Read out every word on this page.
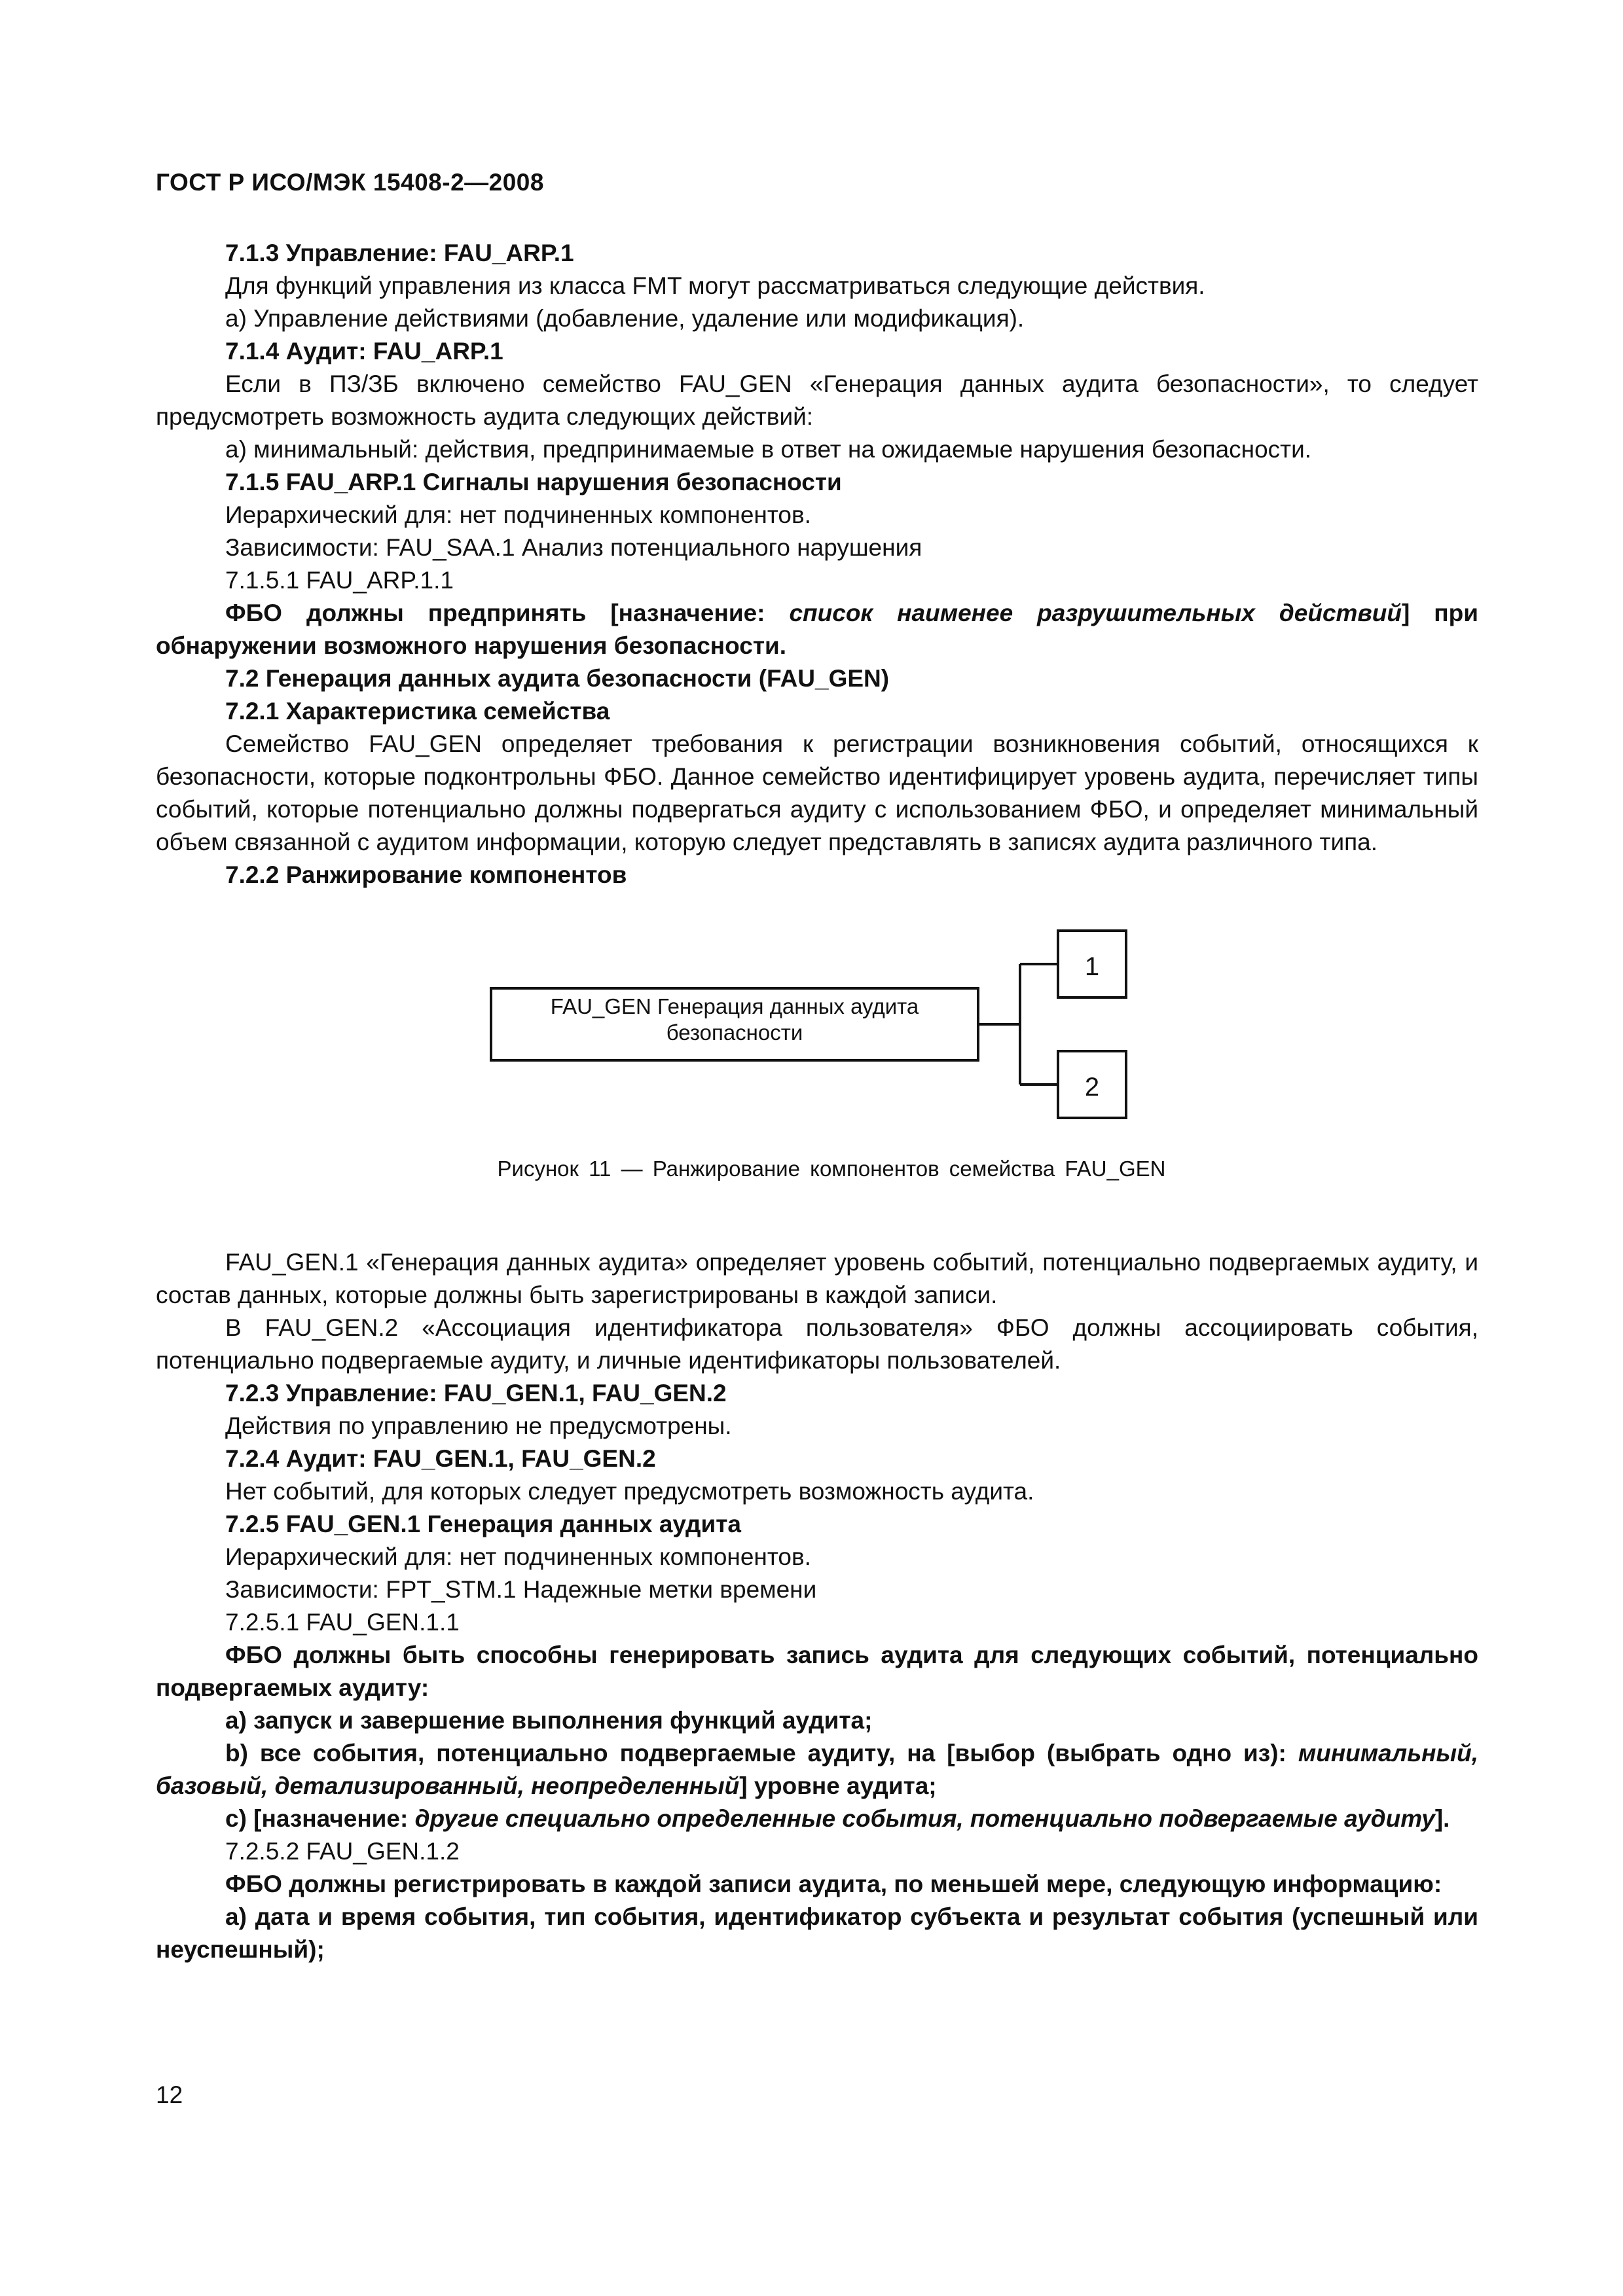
ГОСТ Р ИСО/МЭК 15408-2—2008

7.1.3 Управление: FAU_ARP.1

Для функций управления из класса FMT могут рассматриваться следующие действия.

а) Управление действиями (добавление, удаление или модификация).

7.1.4 Аудит: FAU_ARP.1

Если в ПЗ/ЗБ включено семейство FAU_GEN «Генерация данных аудита безопасности», то следует предусмотреть возможность аудита следующих действий:

а) минимальный: действия, предпринимаемые в ответ на ожидаемые нарушения безопасности.

7.1.5 FAU_ARP.1 Сигналы нарушения безопасности

Иерархический для: нет подчиненных компонентов.

Зависимости: FAU_SAA.1 Анализ потенциального нарушения

7.1.5.1 FAU_ARP.1.1

ФБО должны предпринять [назначение: список наименее разрушительных действий] при обнаружении возможного нарушения безопасности.

7.2 Генерация данных аудита безопасности (FAU_GEN)

7.2.1 Характеристика семейства

Семейство FAU_GEN определяет требования к регистрации возникновения событий, относящихся к безопасности, которые подконтрольны ФБО. Данное семейство идентифицирует уровень аудита, перечисляет типы событий, которые потенциально должны подвергаться аудиту с использованием ФБО, и определяет минимальный объем связанной с аудитом информации, которую следует представлять в записях аудита различного типа.

7.2.2 Ранжирование компонентов

FAU_GEN Генерация данных аудита безопасности
1
2

Рисунок 11 — Ранжирование компонентов семейства FAU_GEN

FAU_GEN.1 «Генерация данных аудита» определяет уровень событий, потенциально подвергаемых аудиту, и состав данных, которые должны быть зарегистрированы в каждой записи.

В FAU_GEN.2 «Ассоциация идентификатора пользователя» ФБО должны ассоциировать события, потенциально подвергаемые аудиту, и личные идентификаторы пользователей.

7.2.3 Управление: FAU_GEN.1, FAU_GEN.2

Действия по управлению не предусмотрены.

7.2.4 Аудит: FAU_GEN.1, FAU_GEN.2

Нет событий, для которых следует предусмотреть возможность аудита.

7.2.5 FAU_GEN.1 Генерация данных аудита

Иерархический для: нет подчиненных компонентов.

Зависимости: FPT_STM.1 Надежные метки времени

7.2.5.1 FAU_GEN.1.1

ФБО должны быть способны генерировать запись аудита для следующих событий, потенциально подвергаемых аудиту:

а) запуск и завершение выполнения функций аудита;

b) все события, потенциально подвергаемые аудиту, на [выбор (выбрать одно из): минимальный, базовый, детализированный, неопределенный] уровне аудита;

с) [назначение: другие специально определенные события, потенциально подвергаемые аудиту].

7.2.5.2 FAU_GEN.1.2

ФБО должны регистрировать в каждой записи аудита, по меньшей мере, следующую информацию:

а) дата и время события, тип события, идентификатор субъекта и результат события (успешный или неуспешный);

12
